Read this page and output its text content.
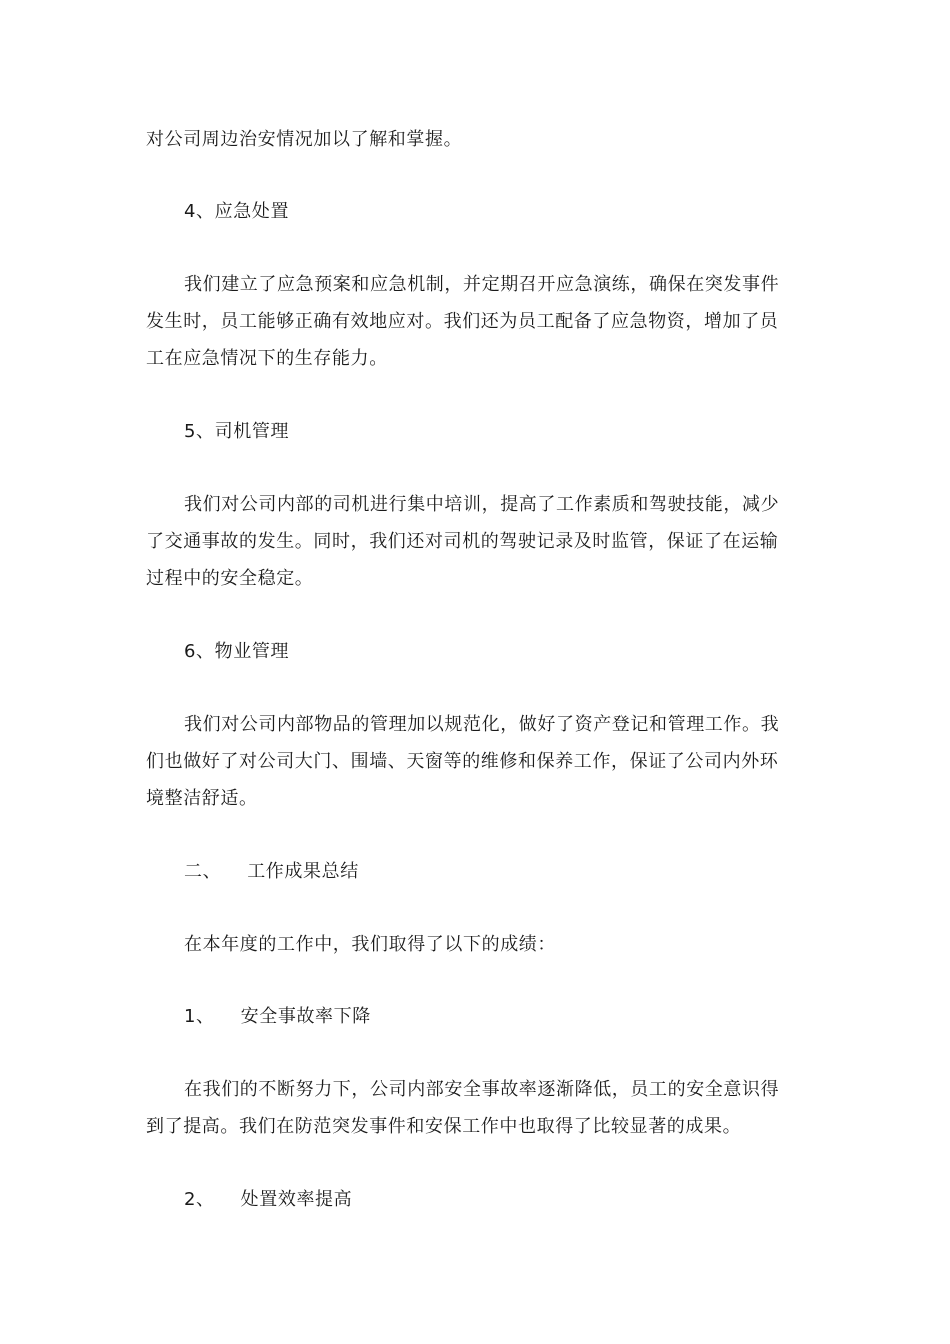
对公司周边治安情况加以了解和掌握。
4、应急处置
我们建立了应急预案和应急机制，并定期召开应急演练，确保在突发事件
发生时，员工能够正确有效地应对。我们还为员工配备了应急物资，增加了员
工在应急情况下的生存能力。
5、司机管理
我们对公司内部的司机进行集中培训，提高了工作素质和驾驶技能，减少
了交通事故的发生。同时，我们还对司机的驾驶记录及时监管，保证了在运输
过程中的安全稳定。
6、物业管理
我们对公司内部物品的管理加以规范化，做好了资产登记和管理工作。我
们也做好了对公司大门、围墙、天窗等的维修和保养工作，保证了公司内外环
境整洁舒适。
二、 工作成果总结
在本年度的工作中，我们取得了以下的成绩：
1、 安全事故率下降
在我们的不断努力下，公司内部安全事故率逐渐降低，员工的安全意识得
到了提高。我们在防范突发事件和安保工作中也取得了比较显著的成果。
2、 处置效率提高
